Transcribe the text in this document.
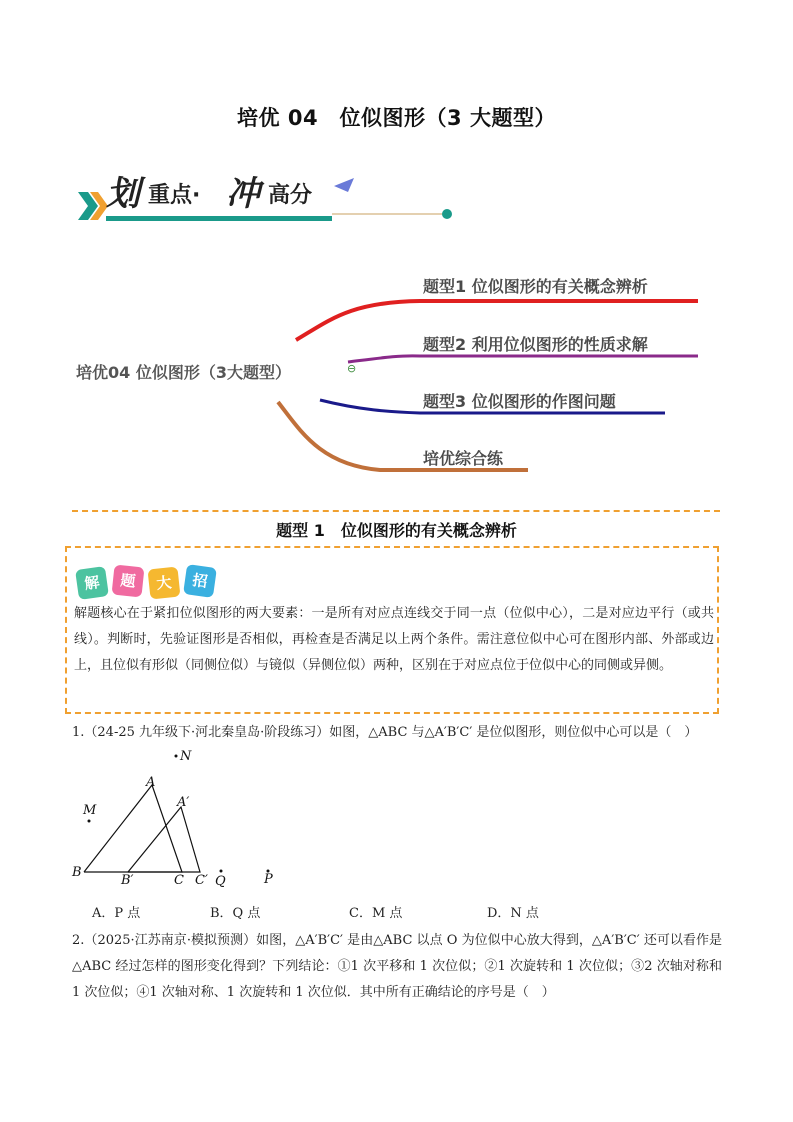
培优 04　位似图形（3 大题型）
划 重点· 冲 高分
培优04 位似图形（3大题型）	⊖
题型1 位似图形的有关概念辨析
题型2 利用位似图形的性质求解
题型3 位似图形的作图问题
培优综合练
题型 1　位似图形的有关概念辨析
解	题	大	招
解题核心在于紧扣位似图形的两大要素：一是所有对应点连线交于同一点（位似中心），二是对应边平行（或共线）。判断时，先验证图形是否相似，再检查是否满足以上两个条件。需注意位似中心可在图形内部、外部或边上，且位似有形似（同侧位似）与镜似（异侧位似）两种，区别在于对应点位于位似中心的同侧或异侧。
1.（24-25 九年级下·河北秦皇岛·阶段练习）如图，△ABC 与△A′B′C′ 是位似图形，则位似中心可以是（　）
N
M
A
A′
B
B′	C C′ Q	P
A．P 点	B．Q 点	C．M 点	D．N 点
2.（2025·江苏南京·模拟预测）如图，△A′B′C′ 是由△ABC 以点 O 为位似中心放大得到，△A′B′C′ 还可以看作是△ABC 经过怎样的图形变化得到？下列结论：①1 次平移和 1 次位似；②1 次旋转和 1 次位似；③2 次轴对称和 1 次位似；④1 次轴对称、1 次旋转和 1 次位似．其中所有正确结论的序号是（　）
